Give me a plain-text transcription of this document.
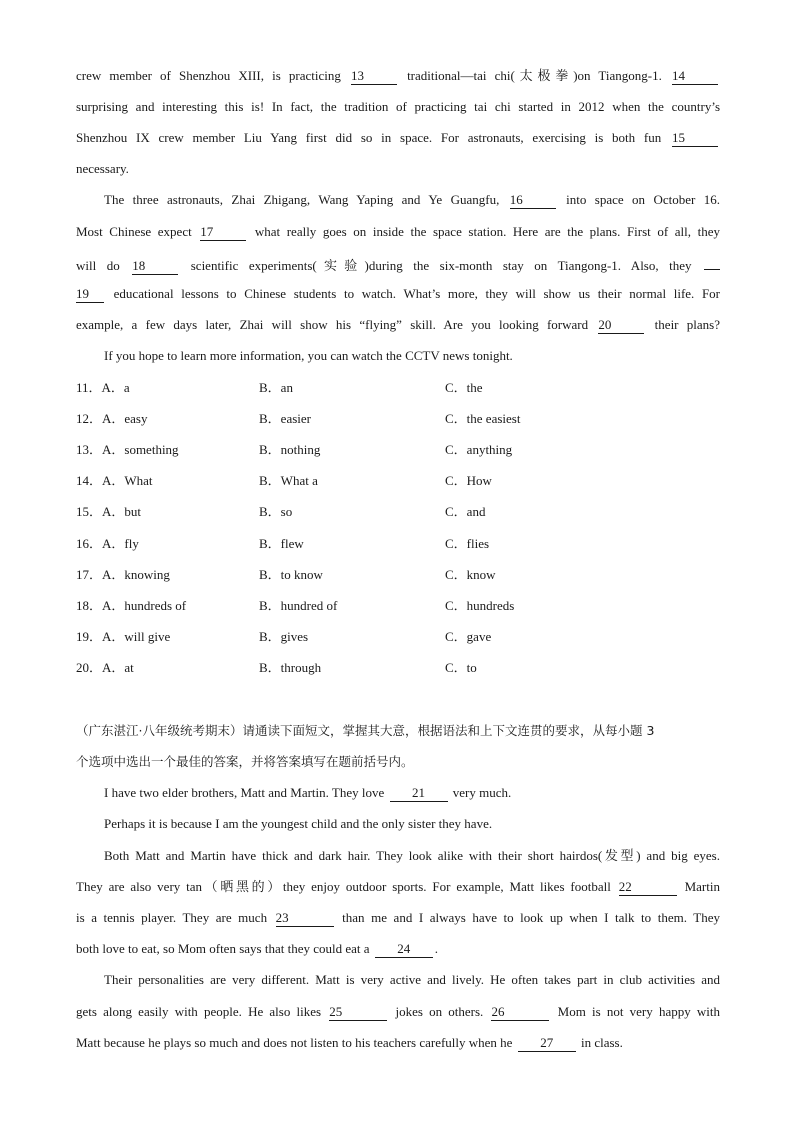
crew member of Shenzhou XIII, is practicing 13	traditional—tai chi(太极拳)on Tiangong-1. 14
surprising and interesting this is! In fact, the tradition of practicing tai chi started in 2012 when the country’s
Shenzhou IX crew member Liu Yang first did so in space. For astronauts, exercising is both fun 15
necessary.
The three astronauts, Zhai Zhigang, Wang Yaping and Ye Guangfu, 16	into space on October 16.
Most Chinese expect 17	what really goes on inside the space station. Here are the plans. First of all, they
will do 18	scientific experiments(实验)during the six-month stay on Tiangong-1. Also, they
19 educational lessons to Chinese students to watch. What’s more, they will show us their normal life. For
example, a few days later, Zhai will show his “flying” skill. Are you looking forward 20	their plans?
If you hope to learn more information, you can watch the CCTV news tonight.
11．A．a	B．an	C．the
12．A．easy	B．easier	C．the easiest
13．A．something	B．nothing	C．anything
14．A．What	B．What a	C．How
15．A．but	B．so	C．and
16．A．fly	B．flew	C．flies
17．A．knowing	B．to know	C．know
18．A．hundreds of	B．hundred of	C．hundreds
19．A．will give	B．gives	C．gave
20．A．at	B．through	C．to
（广东湛江·八年级统考期末）请通读下面短文，掌握其大意，根据语法和上下文连贯的要求，从每小题 3
个选项中选出一个最佳的答案，并将答案填写在题前括号内。
I have two elder brothers, Matt and Martin. They love 21 very much.
Perhaps it is because I am the youngest child and the only sister they have.
Both Matt and Martin have thick and dark hair. They look alike with their short hairdos(发型) and big eyes.
They are also very tan（晒黑的）they enjoy outdoor sports. For example, Matt likes football 22	Martin
is a tennis player. They are much 23	than me and I always have to look up when I talk to them. They
both love to eat, so Mom often says that they could eat a 24 .
Their personalities are very different. Matt is very active and lively. He often takes part in club activities and
gets along easily with people. He also likes 25	jokes on others. 26	Mom is not very happy with
Matt because he plays so much and does not listen to his teachers carefully when he 27 in class.
